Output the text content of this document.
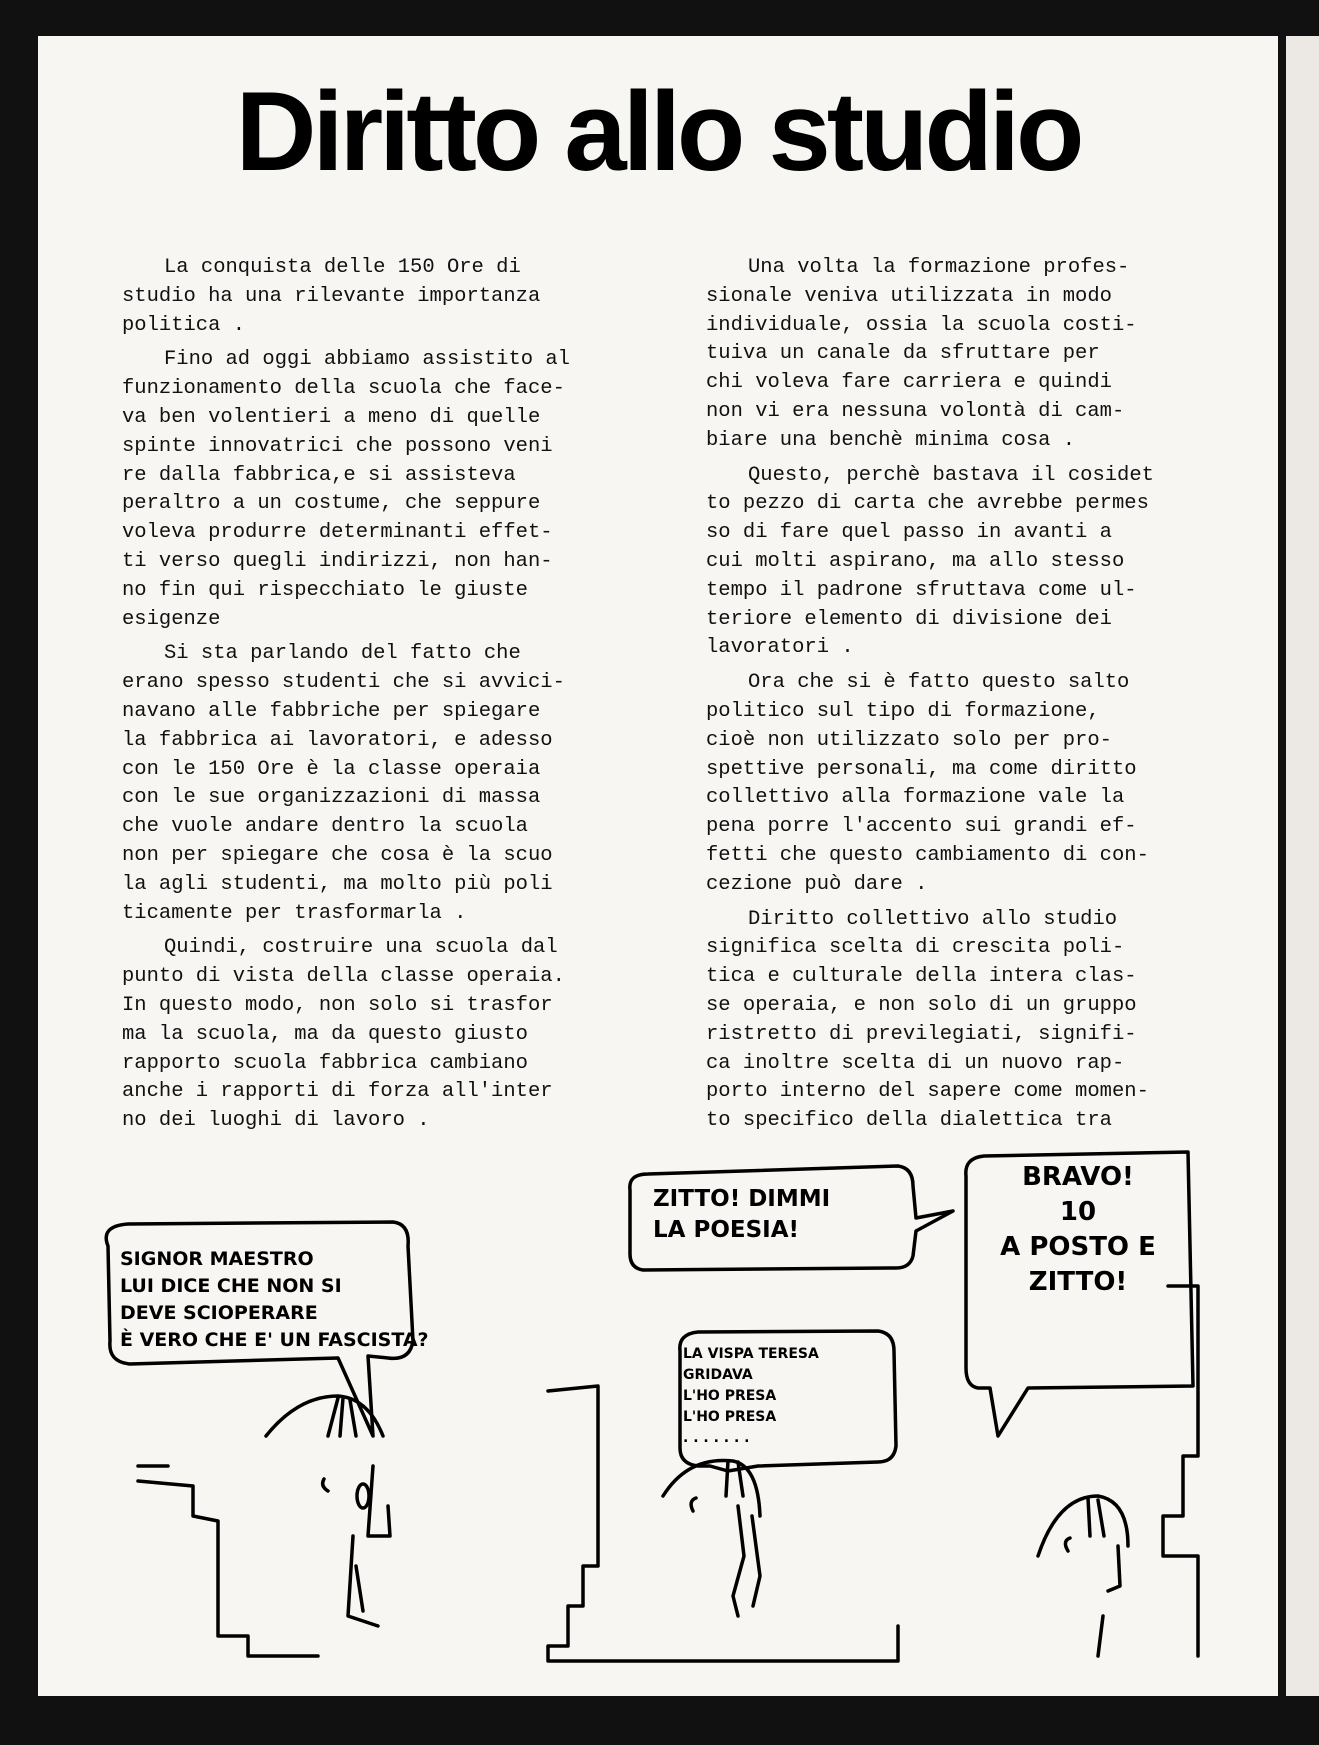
Diritto allo studio

La conquista delle 150 Ore di
studio ha una rilevante importanza
politica .

Fino ad oggi abbiamo assistito al
funzionamento della scuola che face-
va ben volentieri a meno di quelle
spinte innovatrici che possono veni
re dalla fabbrica,e si assisteva
peraltro a un costume, che seppure
voleva produrre determinanti effet-
ti verso quegli indirizzi, non han-
no fin qui rispecchiato le giuste
esigenze

Si sta parlando del fatto che
erano spesso studenti che si avvici-
navano alle fabbriche per spiegare
la fabbrica ai lavoratori, e adesso
con le 150 Ore è la classe operaia
con le sue organizzazioni di massa
che vuole andare dentro la scuola
non per spiegare che cosa è la scuo
la agli studenti, ma molto più poli
ticamente per trasformarla .

Quindi, costruire una scuola dal
punto di vista della classe operaia.
In questo modo, non solo si trasfor
ma la scuola, ma da questo giusto
rapporto scuola fabbrica cambiano
anche i rapporti di forza all'inter
no dei luoghi di lavoro .

Una volta la formazione profes-
sionale veniva utilizzata in modo
individuale, ossia la scuola costi-
tuiva un canale da sfruttare per
chi voleva fare carriera e quindi
non vi era nessuna volontà di cam-
biare una benchè minima cosa .

Questo, perchè bastava il cosidet
to pezzo di carta che avrebbe permes
so di fare quel passo in avanti a
cui molti aspirano, ma allo stesso
tempo il padrone sfruttava come ul-
teriore elemento di divisione dei
lavoratori .

Ora che si è fatto questo salto
politico sul tipo di formazione,
cioè non utilizzato solo per pro-
spettive personali, ma come diritto
collettivo alla formazione vale la
pena porre l'accento sui grandi ef-
fetti che questo cambiamento di con-
cezione può dare .

Diritto collettivo allo studio
significa scelta di crescita poli-
tica e culturale della intera clas-
se operaia, e non solo di un gruppo
ristretto di previlegiati, signifi-
ca inoltre scelta di un nuovo rap-
porto interno del sapere come momen-
to specifico della dialettica tra

SIGNOR MAESTRO
LUI DICE CHE NON SI
DEVE SCIOPERARE
È VERO CHE E' UN FASCISTA?

ZITTO! DIMMI
LA POESIA!

LA VISPA TERESA
GRIDAVA
L'HO PRESA
L'HO PRESA
. . . . . . .

BRAVO!
10
A POSTO E
ZITTO!
